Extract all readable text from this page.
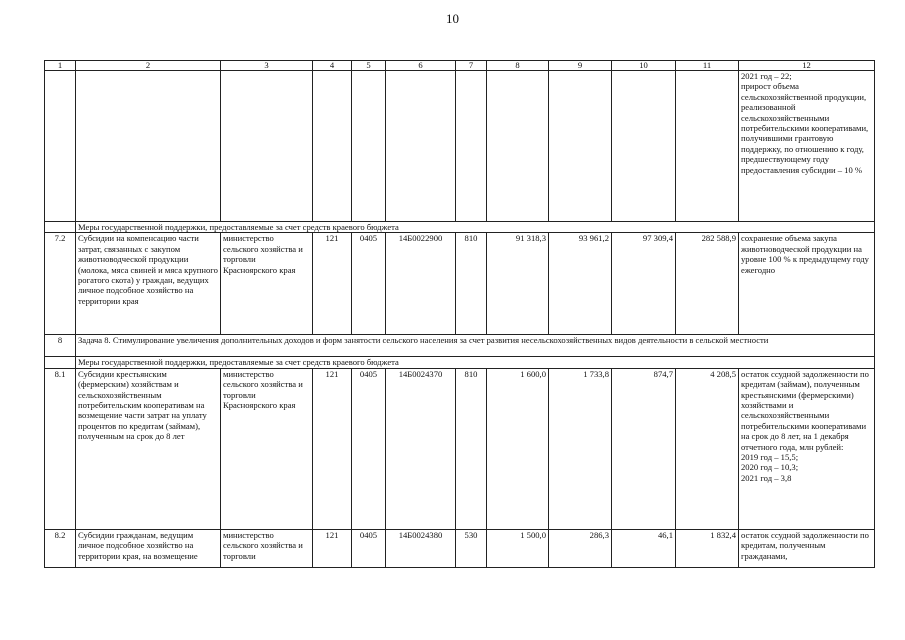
10
1	2	3	4	5	6	7	8	9	10	11	12
											2021 год – 22;
прирост объема сельскохозяйственной продукции, реализованной сельскохозяйственными потребительскими кооперативами, получившими грантовую поддержку, по отношению к году, предшествующему году предоставления субсидии – 10 %
	Меры государственной поддержки, предоставляемые за счет средств краевого бюджета										
7.2	Субсидии на компенсацию части затрат, связанных с закупом животноводческой продукции (молока, мяса свиней и мяса крупного рогатого скота) у граждан, ведущих личное подсобное хозяйство на территории края	министерство сельского хозяйства и торговли Красноярского края	121	0405	14Б0022900	810	91 318,3	93 961,2	97 309,4	282 588,9	сохранение объема закупа животноводческой продукции на уровне 100 % к предыдущему году ежегодно
8	Задача 8. Стимулирование увеличения дополнительных доходов и форм занятости сельского населения за счет развития несельскохозяйственных видов деятельности в сельской местности										
	Меры государственной поддержки, предоставляемые за счет средств краевого бюджета										
8.1	Субсидии крестьянским (фермерским) хозяйствам и сельскохозяйственным потребительским кооперативам на возмещение части затрат на уплату процентов по кредитам (займам), полученным на срок до 8 лет	министерство сельского хозяйства и торговли Красноярского края	121	0405	14Б0024370	810	1 600,0	1 733,8	874,7	4 208,5	остаток ссудной задолженности по кредитам (займам), полученным крестьянскими (фермерскими) хозяйствами и сельскохозяйственными потребительскими кооперативами на срок до 8 лет, на 1 декабря отчетного года, млн рублей:
2019 год – 15,5;
2020 год – 10,3;
2021 год – 3,8
8.2	Субсидии гражданам, ведущим личное подсобное хозяйство на территории края, на возмещение	министерство сельского хозяйства и торговли	121	0405	14Б0024380	530	1 500,0	286,3	46,1	1 832,4	остаток ссудной задолженности по кредитам, полученным гражданами,
